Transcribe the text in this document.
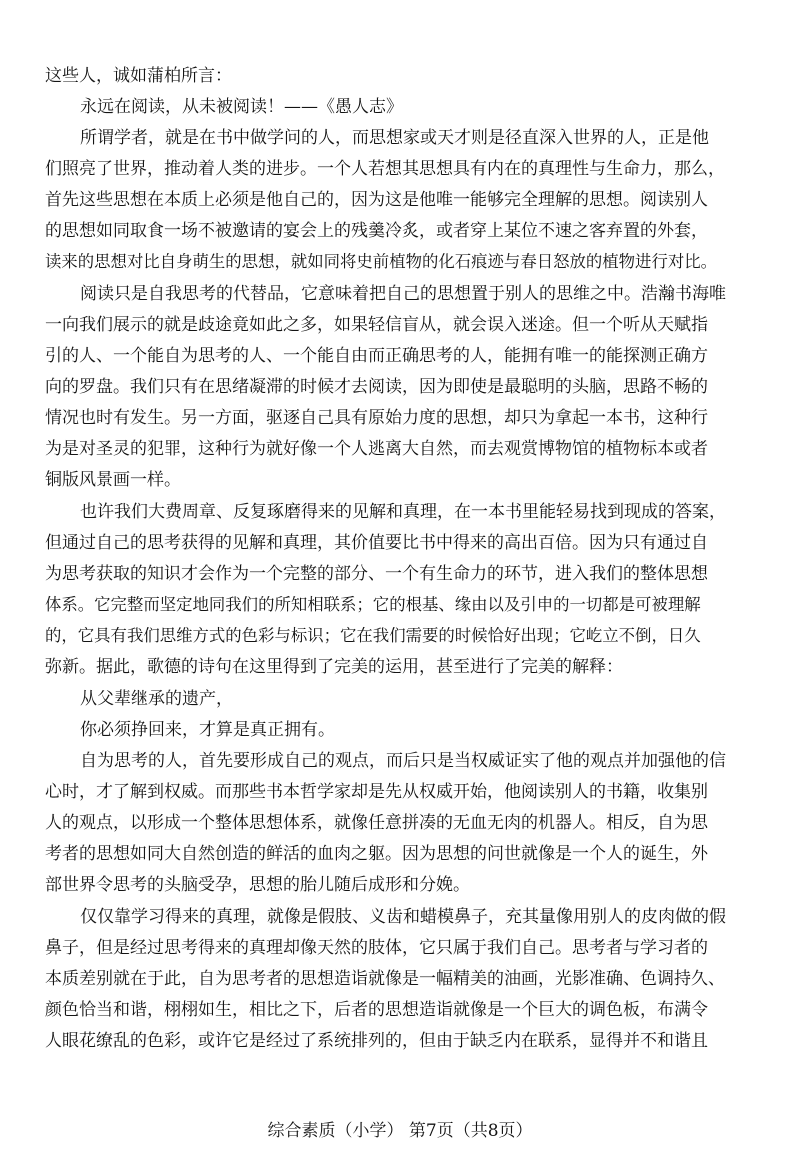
这些人，诚如蒲柏所言：
永远在阅读，从未被阅读！——《愚人志》
所谓学者，就是在书中做学问的人，而思想家或天才则是径直深入世界的人，正是他
们照亮了世界，推动着人类的进步。一个人若想其思想具有内在的真理性与生命力，那么，
首先这些思想在本质上必须是他自己的，因为这是他唯一能够完全理解的思想。阅读别人
的思想如同取食一场不被邀请的宴会上的残羹冷炙，或者穿上某位不速之客弃置的外套，
读来的思想对比自身萌生的思想，就如同将史前植物的化石痕迹与春日怒放的植物进行对比。
阅读只是自我思考的代替品，它意味着把自己的思想置于别人的思维之中。浩瀚书海唯
一向我们展示的就是歧途竟如此之多，如果轻信盲从，就会误入迷途。但一个听从天赋指
引的人、一个能自为思考的人、一个能自由而正确思考的人，能拥有唯一的能探测正确方
向的罗盘。我们只有在思绪凝滞的时候才去阅读，因为即使是最聪明的头脑，思路不畅的
情况也时有发生。另一方面，驱逐自己具有原始力度的思想，却只为拿起一本书，这种行
为是对圣灵的犯罪，这种行为就好像一个人逃离大自然，而去观赏博物馆的植物标本或者
铜版风景画一样。
也许我们大费周章、反复琢磨得来的见解和真理，在一本书里能轻易找到现成的答案，
但通过自己的思考获得的见解和真理，其价值要比书中得来的高出百倍。因为只有通过自
为思考获取的知识才会作为一个完整的部分、一个有生命力的环节，进入我们的整体思想
体系。它完整而坚定地同我们的所知相联系；它的根基、缘由以及引申的一切都是可被理解
的，它具有我们思维方式的色彩与标识；它在我们需要的时候恰好出现；它屹立不倒，日久
弥新。据此，歌德的诗句在这里得到了完美的运用，甚至进行了完美的解释：
从父辈继承的遗产，
你必须挣回来，才算是真正拥有。
自为思考的人，首先要形成自己的观点，而后只是当权威证实了他的观点并加强他的信
心时，才了解到权威。而那些书本哲学家却是先从权威开始，他阅读别人的书籍，收集别
人的观点，以形成一个整体思想体系，就像任意拼凑的无血无肉的机器人。相反，自为思
考者的思想如同大自然创造的鲜活的血肉之躯。因为思想的问世就像是一个人的诞生，外
部世界令思考的头脑受孕，思想的胎儿随后成形和分娩。
仅仅靠学习得来的真理，就像是假肢、义齿和蜡模鼻子，充其量像用别人的皮肉做的假
鼻子，但是经过思考得来的真理却像天然的肢体，它只属于我们自己。思考者与学习者的
本质差别就在于此，自为思考者的思想造诣就像是一幅精美的油画，光影准确、色调持久、
颜色恰当和谐，栩栩如生，相比之下，后者的思想造诣就像是一个巨大的调色板，布满令
人眼花缭乱的色彩，或许它是经过了系统排列的，但由于缺乏内在联系，显得并不和谐且
综合素质（小学） 第7页（共8页）
